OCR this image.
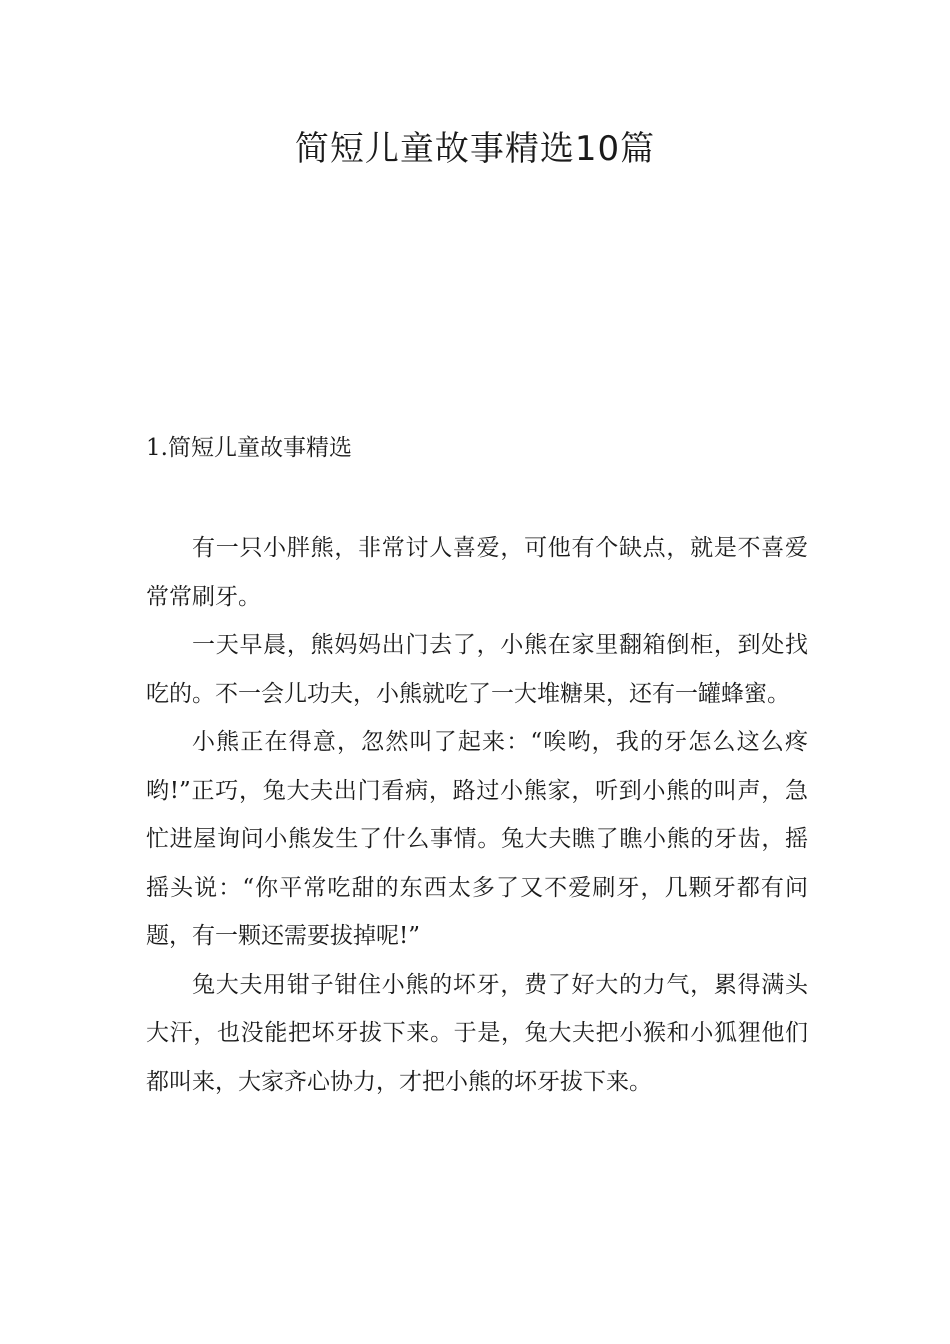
简短儿童故事精选10篇
1.简短儿童故事精选

有一只小胖熊，非常讨人喜爱，可他有个缺点，就是不喜爱常常刷牙。

一天早晨，熊妈妈出门去了，小熊在家里翻箱倒柜，到处找吃的。不一会儿功夫，小熊就吃了一大堆糖果，还有一罐蜂蜜。

小熊正在得意，忽然叫了起来：“唉哟，我的牙怎么这么疼哟!”正巧，兔大夫出门看病，路过小熊家，听到小熊的叫声，急忙进屋询问小熊发生了什么事情。兔大夫瞧了瞧小熊的牙齿，摇摇头说：“你平常吃甜的东西太多了又不爱刷牙，几颗牙都有问题，有一颗还需要拔掉呢!”

兔大夫用钳子钳住小熊的坏牙，费了好大的力气，累得满头大汗，也没能把坏牙拔下来。于是，兔大夫把小猴和小狐狸他们都叫来，大家齐心协力，才把小熊的坏牙拔下来。
